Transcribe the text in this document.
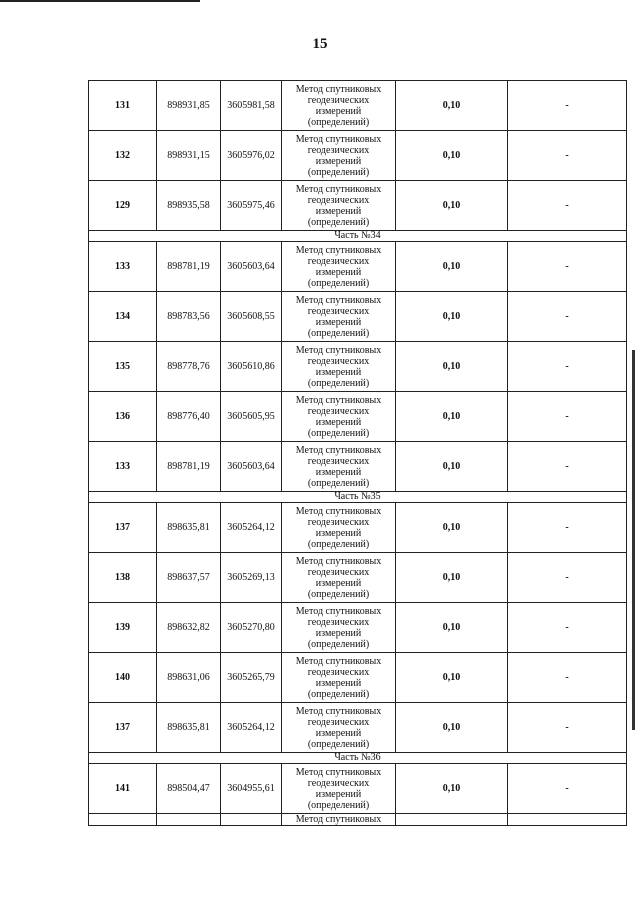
15
131	898931,85	3605981,58	Метод спутниковых
геодезических
измерений
(определений)	0,10	-
132	898931,15	3605976,02	Метод спутниковых
геодезических
измерений
(определений)	0,10	-
129	898935,58	3605975,46	Метод спутниковых
геодезических
измерений
(определений)	0,10	-
Часть №34					
133	898781,19	3605603,64	Метод спутниковых
геодезических
измерений
(определений)	0,10	-
134	898783,56	3605608,55	Метод спутниковых
геодезических
измерений
(определений)	0,10	-
135	898778,76	3605610,86	Метод спутниковых
геодезических
измерений
(определений)	0,10	-
136	898776,40	3605605,95	Метод спутниковых
геодезических
измерений
(определений)	0,10	-
133	898781,19	3605603,64	Метод спутниковых
геодезических
измерений
(определений)	0,10	-
Часть №35					
137	898635,81	3605264,12	Метод спутниковых
геодезических
измерений
(определений)	0,10	-
138	898637,57	3605269,13	Метод спутниковых
геодезических
измерений
(определений)	0,10	-
139	898632,82	3605270,80	Метод спутниковых
геодезических
измерений
(определений)	0,10	-
140	898631,06	3605265,79	Метод спутниковых
геодезических
измерений
(определений)	0,10	-
137	898635,81	3605264,12	Метод спутниковых
геодезических
измерений
(определений)	0,10	-
Часть №36					
141	898504,47	3604955,61	Метод спутниковых
геодезических
измерений
(определений)	0,10	-
			Метод спутниковых		
